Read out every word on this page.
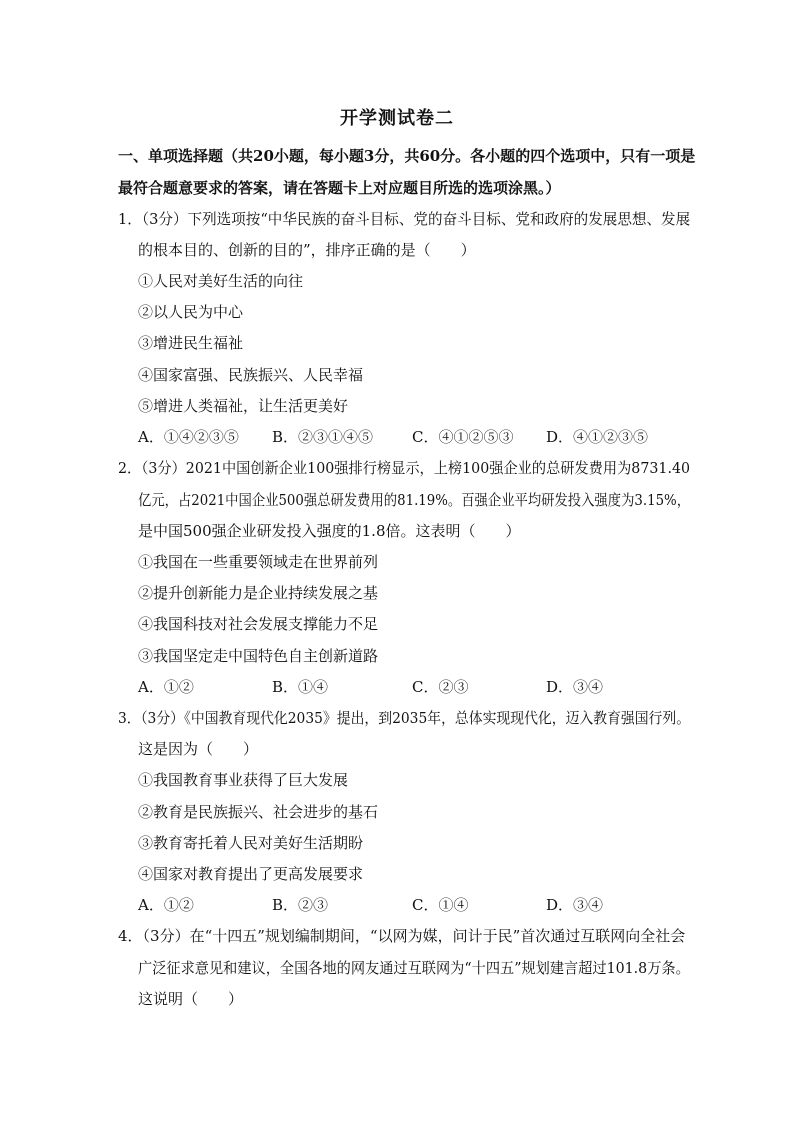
开学测试卷二
一、单项选择题（共20小题，每小题3分，共60分。各小题的四个选项中，只有一项是
最符合题意要求的答案，请在答题卡上对应题目所选的选项涂黑。）
1．（3分）下列选项按“中华民族的奋斗目标、党的奋斗目标、党和政府的发展思想、发展
的根本目的、创新的目的”，排序正确的是（　　）
①人民对美好生活的向往
②以人民为中心
③增进民生福祉
④国家富强、民族振兴、人民幸福
⑤增进人类福祉，让生活更美好
A．①④②③⑤ B．②③①④⑤	C．④①②⑤③ D．④①②③⑤
2．（3分）2021中国创新企业100强排行榜显示，上榜100强企业的总研发费用为8731.40
亿元，占2021中国企业500强总研发费用的81.19%。百强企业平均研发投入强度为3.15%，
是中国500强企业研发投入强度的1.8倍。这表明（　　）
①我国在一些重要领域走在世界前列
②提升创新能力是企业持续发展之基
④我国科技对社会发展支撑能力不足
③我国坚定走中国特色自主创新道路
A．①②	B．①④	C．②③	D．③④
3．（3分）《中国教育现代化2035》提出，到2035年，总体实现现代化，迈入教育强国行列。
这是因为（　　）
①我国教育事业获得了巨大发展
②教育是民族振兴、社会进步的基石
③教育寄托着人民对美好生活期盼
④国家对教育提出了更高发展要求
A．①②	B．②③	C．①④	D．③④
4．（3分）在“十四五”规划编制期间，“以网为媒，问计于民”首次通过互联网向全社会
广泛征求意见和建议，全国各地的网友通过互联网为“十四五”规划建言超过101.8万条。
这说明（　　）
